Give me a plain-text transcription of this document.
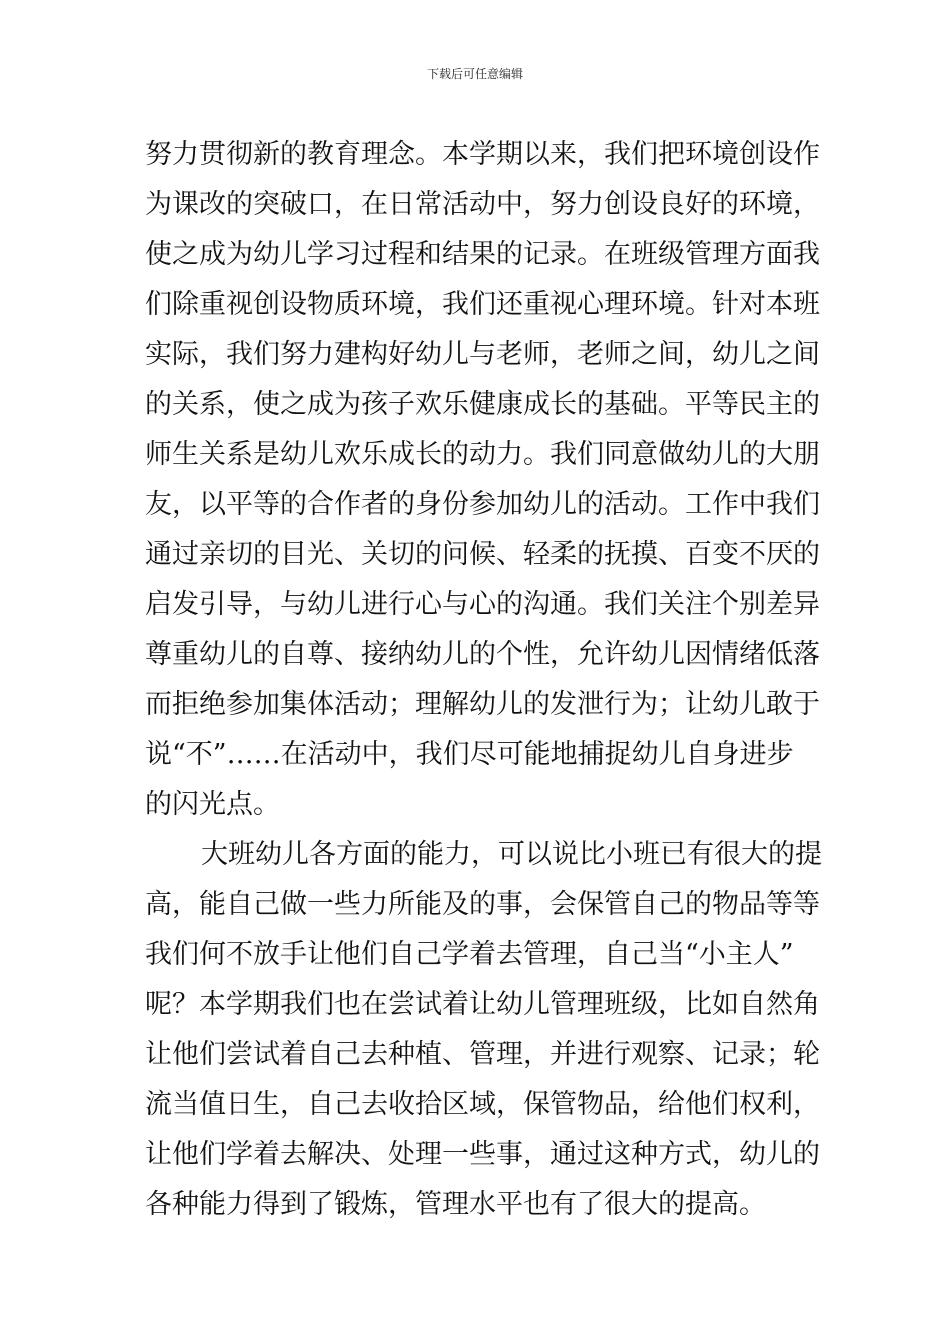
下载后可任意编辑
努力贯彻新的教育理念。本学期以来，我们把环境创设作
为课改的突破口，在日常活动中，努力创设良好的环境，
使之成为幼儿学习过程和结果的记录。在班级管理方面我
们除重视创设物质环境，我们还重视心理环境。针对本班
实际，我们努力建构好幼儿与老师，老师之间，幼儿之间
的关系，使之成为孩子欢乐健康成长的基础。平等民主的
师生关系是幼儿欢乐成长的动力。我们同意做幼儿的大朋
友，以平等的合作者的身份参加幼儿的活动。工作中我们
通过亲切的目光、关切的问候、轻柔的抚摸、百变不厌的
启发引导，与幼儿进行心与心的沟通。我们关注个别差异
尊重幼儿的自尊、接纳幼儿的个性，允许幼儿因情绪低落
而拒绝参加集体活动；理解幼儿的发泄行为；让幼儿敢于
说“不”……在活动中，我们尽可能地捕捉幼儿自身进步
的闪光点。
大班幼儿各方面的能力，可以说比小班已有很大的提
高，能自己做一些力所能及的事，会保管自己的物品等等
我们何不放手让他们自己学着去管理，自己当“小主人”
呢？本学期我们也在尝试着让幼儿管理班级，比如自然角
让他们尝试着自己去种植、管理，并进行观察、记录；轮
流当值日生，自己去收拾区域，保管物品，给他们权利，
让他们学着去解决、处理一些事，通过这种方式，幼儿的
各种能力得到了锻炼，管理水平也有了很大的提高。
